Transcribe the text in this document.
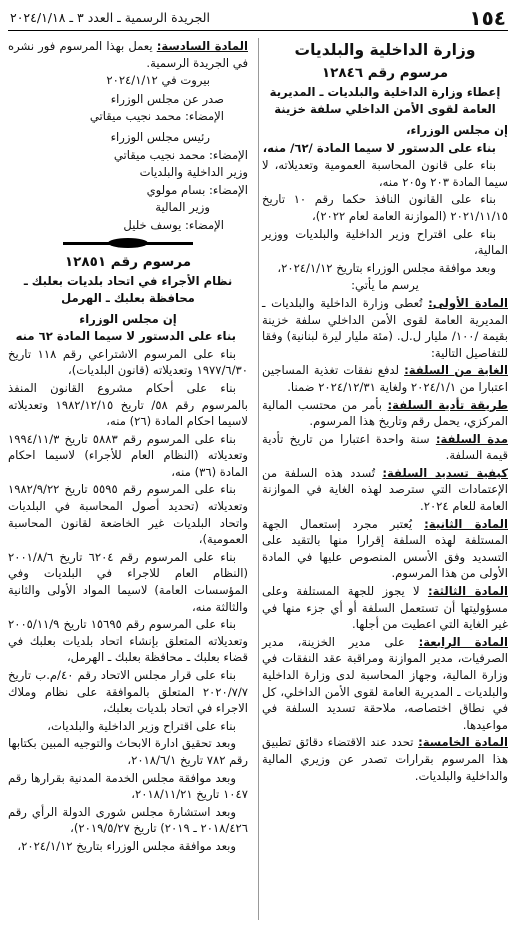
١٥٤
الجريدة الرسمية ـ العدد ٣ ـ ٢٠٢٤/١/١٨

وزارة الداخلية والبلديات

مرسوم رقم ١٢٨٤٦

إعطاء وزارة الداخلية والبلديات ـ المديرية العامة لقوى الأمن الداخلي سلفة خزينة

إن مجلس الوزراء،

بناء على الدستور لا سيما المادة /٦٢/ منه،

بناء على قانون المحاسبة العمومية وتعديلاته، لا سيما المادة ٢٠٣ و٢٠٥ منه،

بناء على القانون النافذ حكما رقم ١٠ تاريخ ٢٠٢١/١١/١٥ (الموازنة العامة لعام ٢٠٢٢)،

بناء على اقتراح وزير الداخلية والبلديات ووزير المالية،

وبعد موافقة مجلس الوزراء بتاريخ ٢٠٢٤/١/١٢،

يرسم ما يأتي:

المادة الأولى: تُعطى وزارة الداخلية والبلديات ـ المديرية العامة لقوى الأمن الداخلي سلفة خزينة بقيمة /١٠٠/ مليار ل.ل. (مئة مليار ليرة لبنانية) وفقا للتفاصيل التالية:

الغاية من السلفة: لدفع نفقات تغذية المساجين اعتبارا من ٢٠٢٤/١/١ ولغاية ٢٠٢٤/١٢/٣١ ضمنا.

طريقة تأدية السلفة: بأمر من محتسب المالية المركزي، يحمل رقم وتاريخ هذا المرسوم.

مدة السلفة: سنة واحدة اعتبارا من تاريخ تأدية قيمة السلفة.

كيفية تسديد السلفة: تُسدد هذه السلفة من الإعتمادات التي سترصد لهذه الغاية في الموازنة العامة للعام ٢٠٢٤.

المادة الثانية: يُعتبر مجرد إستعمال الجهة المستلفة لهذه السلفة إقرارا منها بالتقيد على التسديد وفق الأسس المنصوص عليها في المادة الأولى من هذا المرسوم.

المادة الثالثة: لا يجوز للجهة المستلفة وعلى مسؤوليتها أن تستعمل السلفة أو أي جزء منها في غير الغاية التي اعطيت من أجلها.

المادة الرابعة: على مدير الخزينة، مدير الصرفيات، مدير الموازنة ومراقبة عقد النفقات في وزارة المالية، وجهاز المحاسبة لدى وزارة الداخلية والبلديات ـ المديرية العامة لقوى الأمن الداخلي، كل في نطاق اختصاصه، ملاحقة تسديد السلفة في مواعيدها.

المادة الخامسة: تحدد عند الاقتضاء دقائق تطبيق هذا المرسوم بقرارات تصدر عن وزيري المالية والداخلية والبلديات.

المادة السادسة: يعمل بهذا المرسوم فور نشره في الجريدة الرسمية.

بيروت في ٢٠٢٤/١/١٢

صدر عن مجلس الوزراء

الإمضاء: محمد نجيب ميقاتي

رئيس مجلس الوزراء

الإمضاء: محمد نجيب ميقاتي

وزير الداخلية والبلديات

الإمضاء: بسام مولوي

وزير المالية

الإمضاء: يوسف خليل

مرسوم رقم ١٢٨٥١

نظام الأجراء في اتحاد بلديات بعلبك ـ محافظة بعلبك ـ الهرمل

إن مجلس الوزراء

بناء على الدستور لا سيما المادة ٦٢ منه

بناء على المرسوم الاشتراعي رقم ١١٨ تاريخ ١٩٧٧/٦/٣٠ وتعديلاته (قانون البلديات)،

بناء على أحكام مشروع القانون المنفذ بالمرسوم رقم ٥٨/ تاريخ ١٩٨٢/١٢/١٥ وتعديلاته لاسيما احكام المادة (٢٦) منه،

بناء على المرسوم رقم ٥٨٨٣ تاريخ ١٩٩٤/١١/٣ وتعديلاته (النظام العام للأجراء) لاسيما احكام المادة (٣٦) منه،

بناء على المرسوم رقم ٥٥٩٥ تاريخ ١٩٨٢/٩/٢٢ وتعديلاته (تحديد أصول المحاسبة في البلديات واتحاد البلديات غير الخاضعة لقانون المحاسبة العمومية)،

بناء على المرسوم رقم ٦٢٠٤ تاريخ ٢٠٠١/٨/٦ (النظام العام للاجراء في البلديات وفي المؤسسات العامة) لاسيما المواد الأولى والثانية والثالثة منه،

بناء على المرسوم رقم ١٥٦٩٥ تاريخ ٢٠٠٥/١١/٩ وتعديلاته المتعلق بإنشاء اتحاد بلديات بعلبك في قضاء بعلبك ـ محافظة بعلبك ـ الهرمل،

بناء على قرار مجلس الاتحاد رقم ٤٠/م.ب تاريخ ٢٠٢٠/٧/٧ المتعلق بالموافقة على نظام وملاك الاجراء في اتحاد بلديات بعلبك،

بناء على اقتراح وزير الداخلية والبلديات،

وبعد تحقيق ادارة الابحاث والتوجيه المبين بكتابها رقم ٧٨٢ تاريخ ٢٠١٨/٦/١،

وبعد موافقة مجلس الخدمة المدنية بقرارها رقم ١٠٤٧ تاريخ ٢٠١٨/١١/٢١،

وبعد استشارة مجلس شورى الدولة الرأي رقم ٢٠١٨/٤٢٦ ـ ٢٠١٩) تاريخ ٢٠١٩/٥/٢٧)،

وبعد موافقة مجلس الوزراء بتاريخ ٢٠٢٤/١/١٢،
